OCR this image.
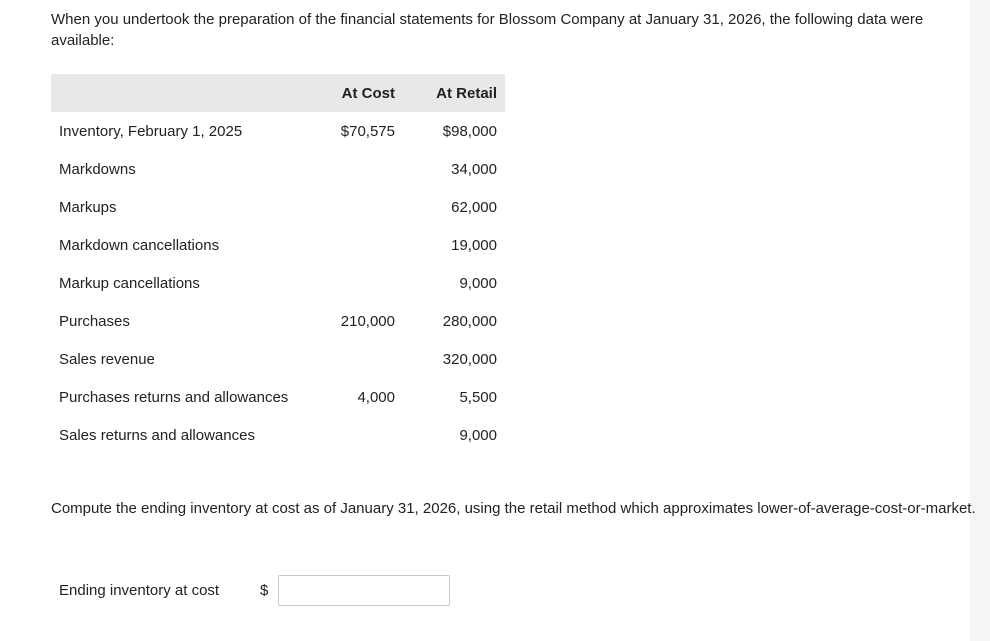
When you undertook the preparation of the financial statements for Blossom Company at January 31, 2026, the following data were available:
	At Cost	At Retail
Inventory, February 1, 2025	$70,575	$98,000
Markdowns		34,000
Markups		62,000
Markdown cancellations		19,000
Markup cancellations		9,000
Purchases	210,000	280,000
Sales revenue		320,000
Purchases returns and allowances	4,000	5,500
Sales returns and allowances		9,000
Compute the ending inventory at cost as of January 31, 2026, using the retail method which approximates lower-of-average-cost-or-market.
Ending inventory at cost	$
